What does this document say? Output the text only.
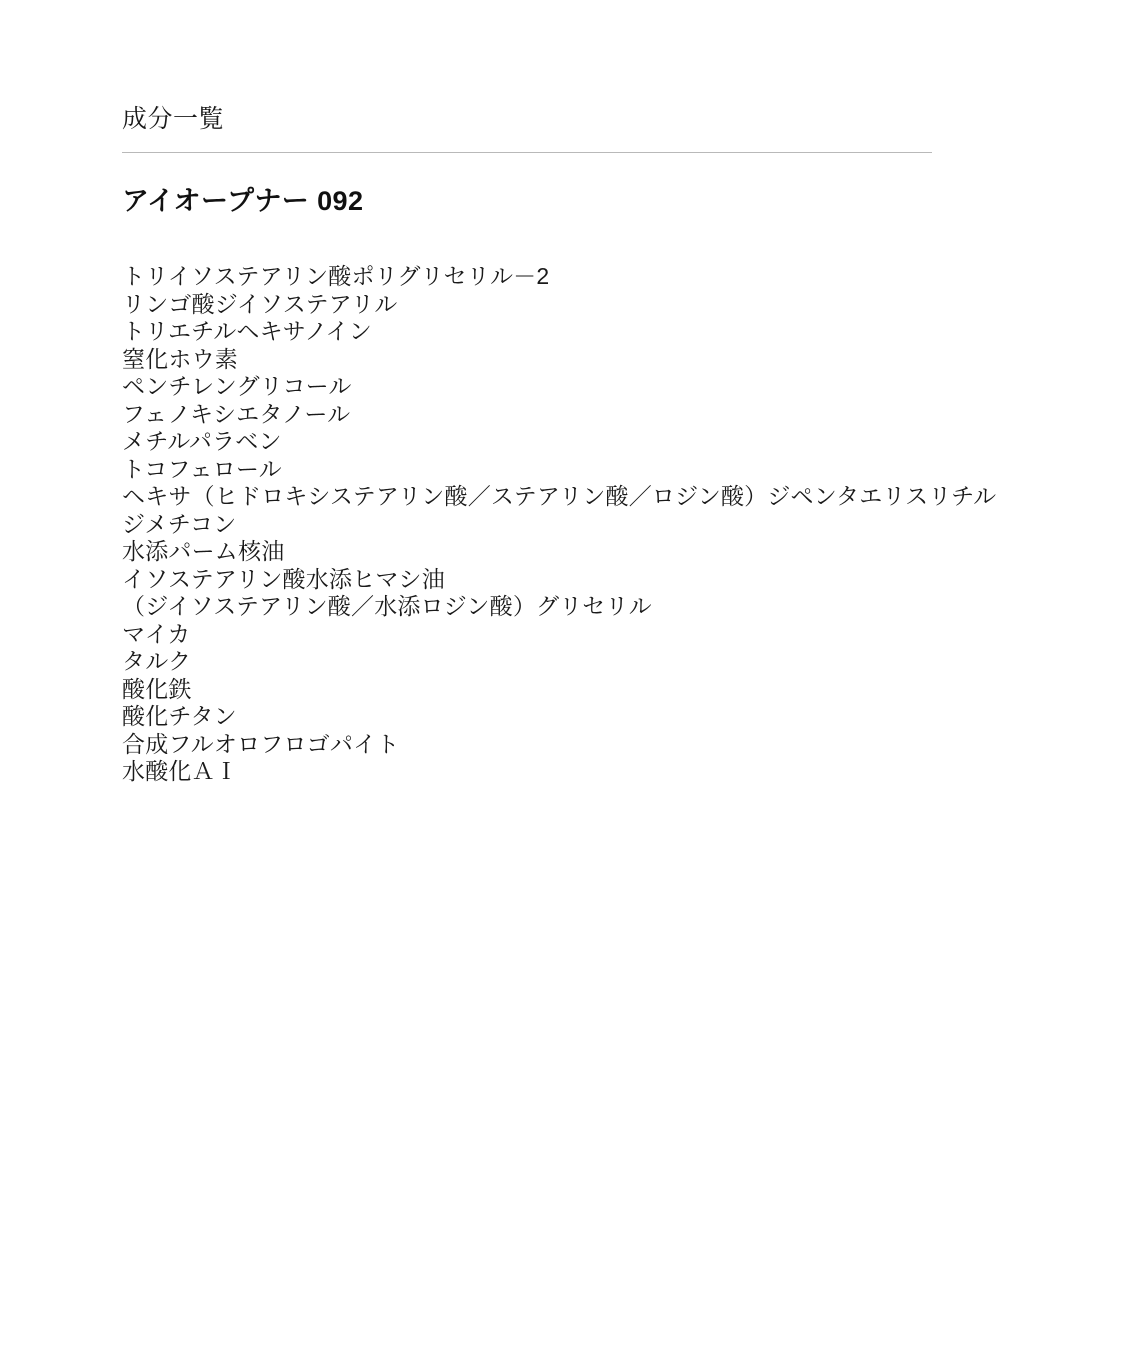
成分一覧
アイオープナー 092
トリイソステアリン酸ポリグリセリル－2
リンゴ酸ジイソステアリル
トリエチルヘキサノイン
窒化ホウ素
ペンチレングリコール
フェノキシエタノール
メチルパラベン
トコフェロール
ヘキサ（ヒドロキシステアリン酸／ステアリン酸／ロジン酸）ジペンタエリスリチル
ジメチコン
水添パーム核油
イソステアリン酸水添ヒマシ油
（ジイソステアリン酸／水添ロジン酸）グリセリル
マイカ
タルク
酸化鉄
酸化チタン
合成フルオロフロゴパイト
水酸化ＡＩ
